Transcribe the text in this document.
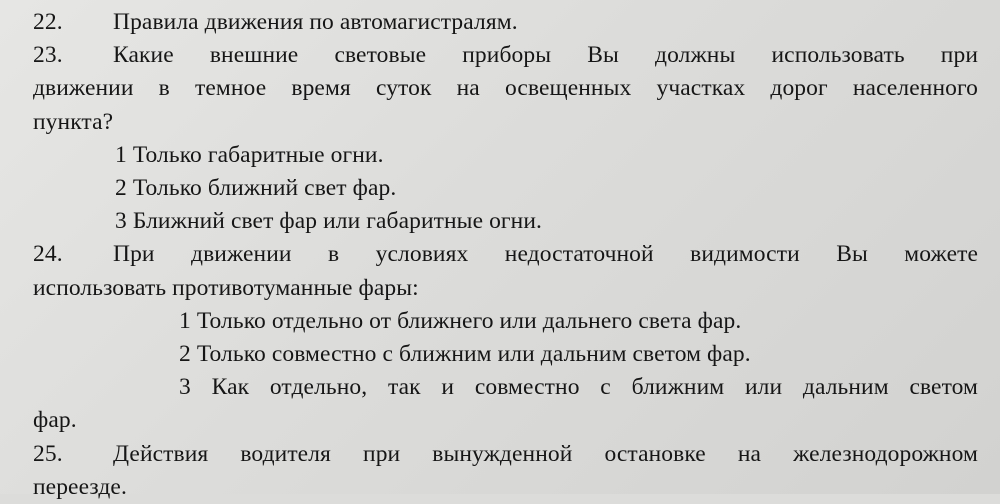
22.	Правила движения по автомагистралям.
23.	Какие внешние световые приборы Вы должны использовать при
движении в темное время суток на освещенных участках дорог населенного
пункта?
1 Только габаритные огни.
2 Только ближний свет фар.
3 Ближний свет фар или габаритные огни.
24.	При движении в условиях недостаточной видимости Вы можете
использовать противотуманные фары:
1 Только отдельно от ближнего или дальнего света фар.
2 Только совместно с ближним или дальним светом фар.
3 Как отдельно, так и совместно с ближним или дальним светом
фар.
25.	Действия водителя при вынужденной остановке на железнодорожном
переезде.
